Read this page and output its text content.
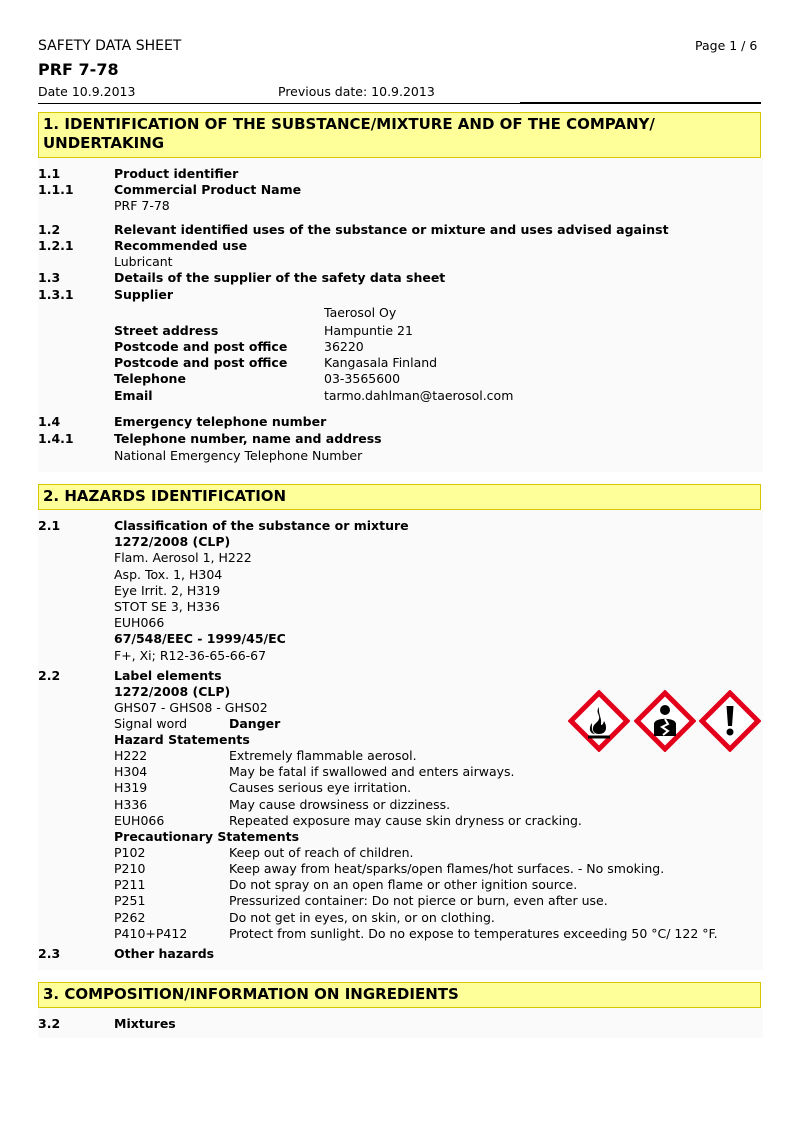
SAFETY DATA SHEET
PRF 7-78
Page 1 / 6
Date 10.9.2013	Previous date: 10.9.2013
1. IDENTIFICATION OF THE SUBSTANCE/MIXTURE AND OF THE COMPANY/ UNDERTAKING
1.1	Product identifier
1.1.1	Commercial Product Name
PRF 7-78
1.2	Relevant identified uses of the substance or mixture and uses advised against
1.2.1	Recommended use
Lubricant
1.3	Details of the supplier of the safety data sheet
1.3.1	Supplier
Taerosol Oy
Street address	Hampuntie 21
Postcode and post office	36220
Postcode and post office	Kangasala Finland
Telephone	03-3565600
Email	tarmo.dahlman@taerosol.com
1.4	Emergency telephone number
1.4.1	Telephone number, name and address
National Emergency Telephone Number
2. HAZARDS IDENTIFICATION
2.1	Classification of the substance or mixture
1272/2008 (CLP)
Flam. Aerosol 1, H222
Asp. Tox. 1, H304
Eye Irrit. 2, H319
STOT SE 3, H336
EUH066
67/548/EEC - 1999/45/EC
F+, Xi; R12-36-65-66-67
2.2	Label elements
1272/2008 (CLP)
GHS07 - GHS08 - GHS02
Signal word	Danger
Hazard Statements
H222	Extremely flammable aerosol.
H304	May be fatal if swallowed and enters airways.
H319	Causes serious eye irritation.
H336	May cause drowsiness or dizziness.
EUH066	Repeated exposure may cause skin dryness or cracking.
Precautionary Statements
P102	Keep out of reach of children.
P210	Keep away from heat/sparks/open flames/hot surfaces. - No smoking.
P211	Do not spray on an open flame or other ignition source.
P251	Pressurized container: Do not pierce or burn, even after use.
P262	Do not get in eyes, on skin, or on clothing.
P410+P412	Protect from sunlight. Do no expose to temperatures exceeding 50 °C/ 122 °F.
2.3	Other hazards
3. COMPOSITION/INFORMATION ON INGREDIENTS
3.2	Mixtures
